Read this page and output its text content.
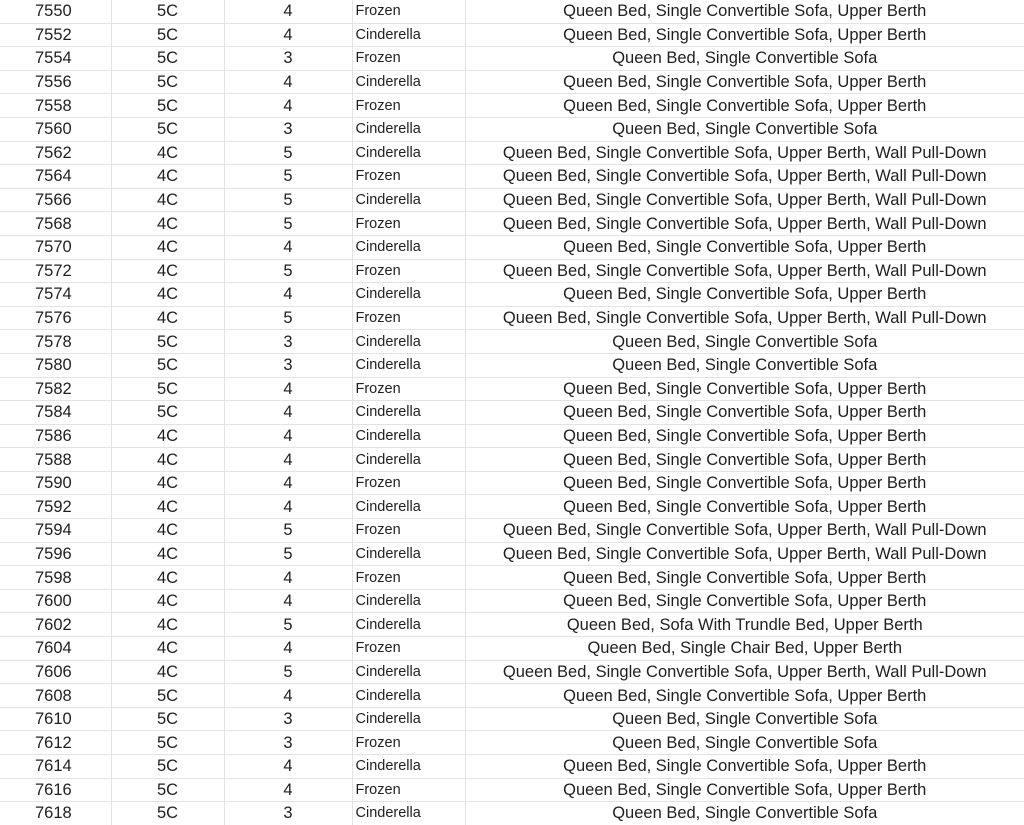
7550	5C	4	Frozen	Queen Bed, Single Convertible Sofa, Upper Berth
7552	5C	4	Cinderella	Queen Bed, Single Convertible Sofa, Upper Berth
7554	5C	3	Frozen	Queen Bed, Single Convertible Sofa
7556	5C	4	Cinderella	Queen Bed, Single Convertible Sofa, Upper Berth
7558	5C	4	Frozen	Queen Bed, Single Convertible Sofa, Upper Berth
7560	5C	3	Cinderella	Queen Bed, Single Convertible Sofa
7562	4C	5	Cinderella	Queen Bed, Single Convertible Sofa, Upper Berth, Wall Pull-Down
7564	4C	5	Frozen	Queen Bed, Single Convertible Sofa, Upper Berth, Wall Pull-Down
7566	4C	5	Cinderella	Queen Bed, Single Convertible Sofa, Upper Berth, Wall Pull-Down
7568	4C	5	Frozen	Queen Bed, Single Convertible Sofa, Upper Berth, Wall Pull-Down
7570	4C	4	Cinderella	Queen Bed, Single Convertible Sofa, Upper Berth
7572	4C	5	Frozen	Queen Bed, Single Convertible Sofa, Upper Berth, Wall Pull-Down
7574	4C	4	Cinderella	Queen Bed, Single Convertible Sofa, Upper Berth
7576	4C	5	Frozen	Queen Bed, Single Convertible Sofa, Upper Berth, Wall Pull-Down
7578	5C	3	Cinderella	Queen Bed, Single Convertible Sofa
7580	5C	3	Cinderella	Queen Bed, Single Convertible Sofa
7582	5C	4	Frozen	Queen Bed, Single Convertible Sofa, Upper Berth
7584	5C	4	Cinderella	Queen Bed, Single Convertible Sofa, Upper Berth
7586	4C	4	Cinderella	Queen Bed, Single Convertible Sofa, Upper Berth
7588	4C	4	Cinderella	Queen Bed, Single Convertible Sofa, Upper Berth
7590	4C	4	Frozen	Queen Bed, Single Convertible Sofa, Upper Berth
7592	4C	4	Cinderella	Queen Bed, Single Convertible Sofa, Upper Berth
7594	4C	5	Frozen	Queen Bed, Single Convertible Sofa, Upper Berth, Wall Pull-Down
7596	4C	5	Cinderella	Queen Bed, Single Convertible Sofa, Upper Berth, Wall Pull-Down
7598	4C	4	Frozen	Queen Bed, Single Convertible Sofa, Upper Berth
7600	4C	4	Cinderella	Queen Bed, Single Convertible Sofa, Upper Berth
7602	4C	5	Cinderella	Queen Bed, Sofa With Trundle Bed, Upper Berth
7604	4C	4	Frozen	Queen Bed, Single Chair Bed, Upper Berth
7606	4C	5	Cinderella	Queen Bed, Single Convertible Sofa, Upper Berth, Wall Pull-Down
7608	5C	4	Cinderella	Queen Bed, Single Convertible Sofa, Upper Berth
7610	5C	3	Cinderella	Queen Bed, Single Convertible Sofa
7612	5C	3	Frozen	Queen Bed, Single Convertible Sofa
7614	5C	4	Cinderella	Queen Bed, Single Convertible Sofa, Upper Berth
7616	5C	4	Frozen	Queen Bed, Single Convertible Sofa, Upper Berth
7618	5C	3	Cinderella	Queen Bed, Single Convertible Sofa
